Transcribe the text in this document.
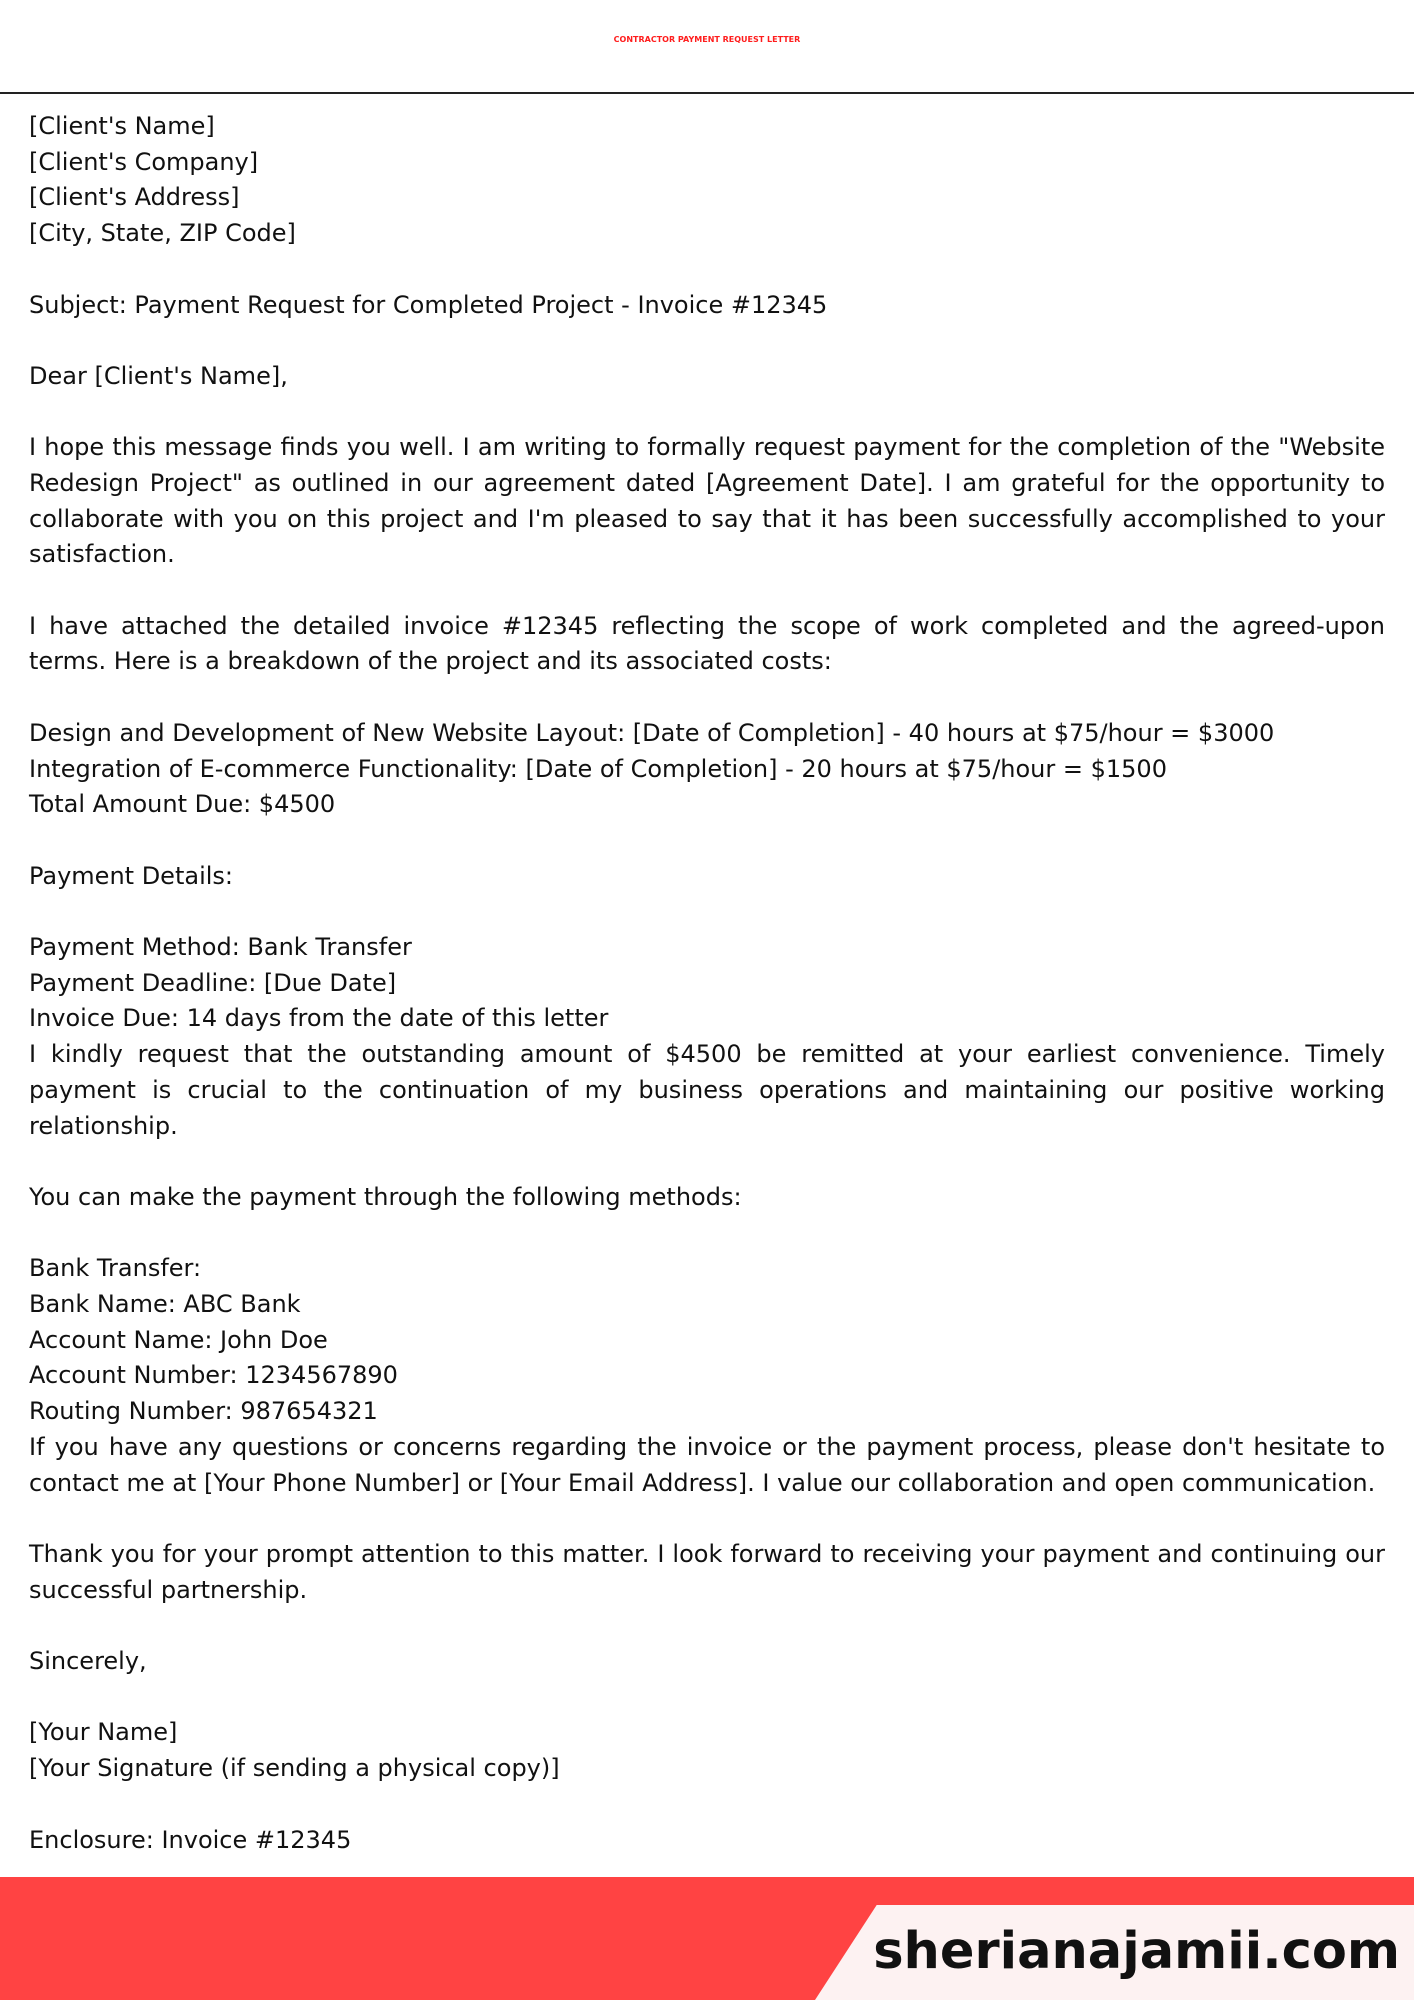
CONTRACTOR PAYMENT REQUEST LETTER
[Client's Name]
[Client's Company]
[Client's Address]
[City, State, ZIP Code]
Subject: Payment Request for Completed Project - Invoice #12345
Dear [Client's Name],
I hope this message finds you well. I am writing to formally request payment for the completion of the "Website Redesign Project" as outlined in our agreement dated [Agreement Date]. I am grateful for the opportunity to collaborate with you on this project and I'm pleased to say that it has been successfully accomplished to your satisfaction.
I have attached the detailed invoice #12345 reflecting the scope of work completed and the agreed-upon terms. Here is a breakdown of the project and its associated costs:
Design and Development of New Website Layout: [Date of Completion] - 40 hours at $75/hour = $3000
Integration of E-commerce Functionality: [Date of Completion] - 20 hours at $75/hour = $1500
Total Amount Due: $4500
Payment Details:
Payment Method: Bank Transfer
Payment Deadline: [Due Date]
Invoice Due: 14 days from the date of this letter
I kindly request that the outstanding amount of $4500 be remitted at your earliest convenience. Timely payment is crucial to the continuation of my business operations and maintaining our positive working relationship.
You can make the payment through the following methods:
Bank Transfer:
Bank Name: ABC Bank
Account Name: John Doe
Account Number: 1234567890
Routing Number: 987654321
If you have any questions or concerns regarding the invoice or the payment process, please don't hesitate to contact me at [Your Phone Number] or [Your Email Address]. I value our collaboration and open communication.
Thank you for your prompt attention to this matter. I look forward to receiving your payment and continuing our successful partnership.
Sincerely,
[Your Name]
[Your Signature (if sending a physical copy)]
Enclosure: Invoice #12345
sherianajamii.com
